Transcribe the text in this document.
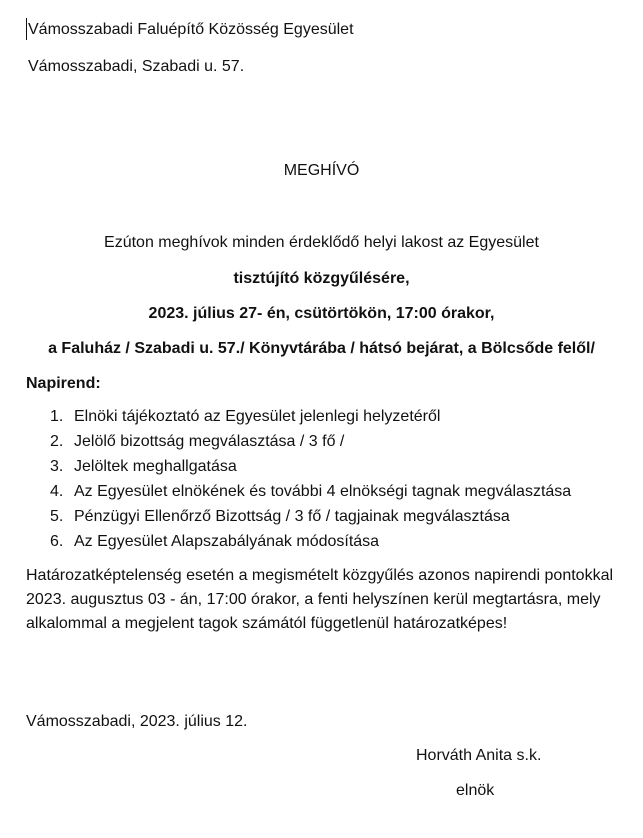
Vámosszabadi Faluépítő Közösség Egyesület
Vámosszabadi, Szabadi u. 57.
MEGHÍVÓ
Ezúton meghívok minden érdeklődő helyi lakost az Egyesület
tisztújító közgyűlésére,
2023. július 27- én, csütörtökön, 17:00 órakor,
a Faluház / Szabadi u. 57./ Könyvtárába / hátsó bejárat, a Bölcsőde felől/
Napirend:
1. Elnöki tájékoztató az Egyesület jelenlegi helyzetéről
2. Jelölő bizottság megválasztása / 3 fő /
3. Jelöltek meghallgatása
4. Az Egyesület elnökének és további 4 elnökségi tagnak megválasztása
5. Pénzügyi Ellenőrző Bizottság / 3 fő / tagjainak megválasztása
6. Az Egyesület Alapszabályának módosítása
Határozatképtelenség esetén a megismételt közgyűlés azonos napirendi pontokkal 2023. augusztus 03 - án, 17:00 órakor, a fenti helyszínen kerül megtartásra, mely alkalommal a megjelent tagok számától függetlenül határozatképes!
Vámosszabadi, 2023. július 12.
Horváth Anita s.k.
elnök
